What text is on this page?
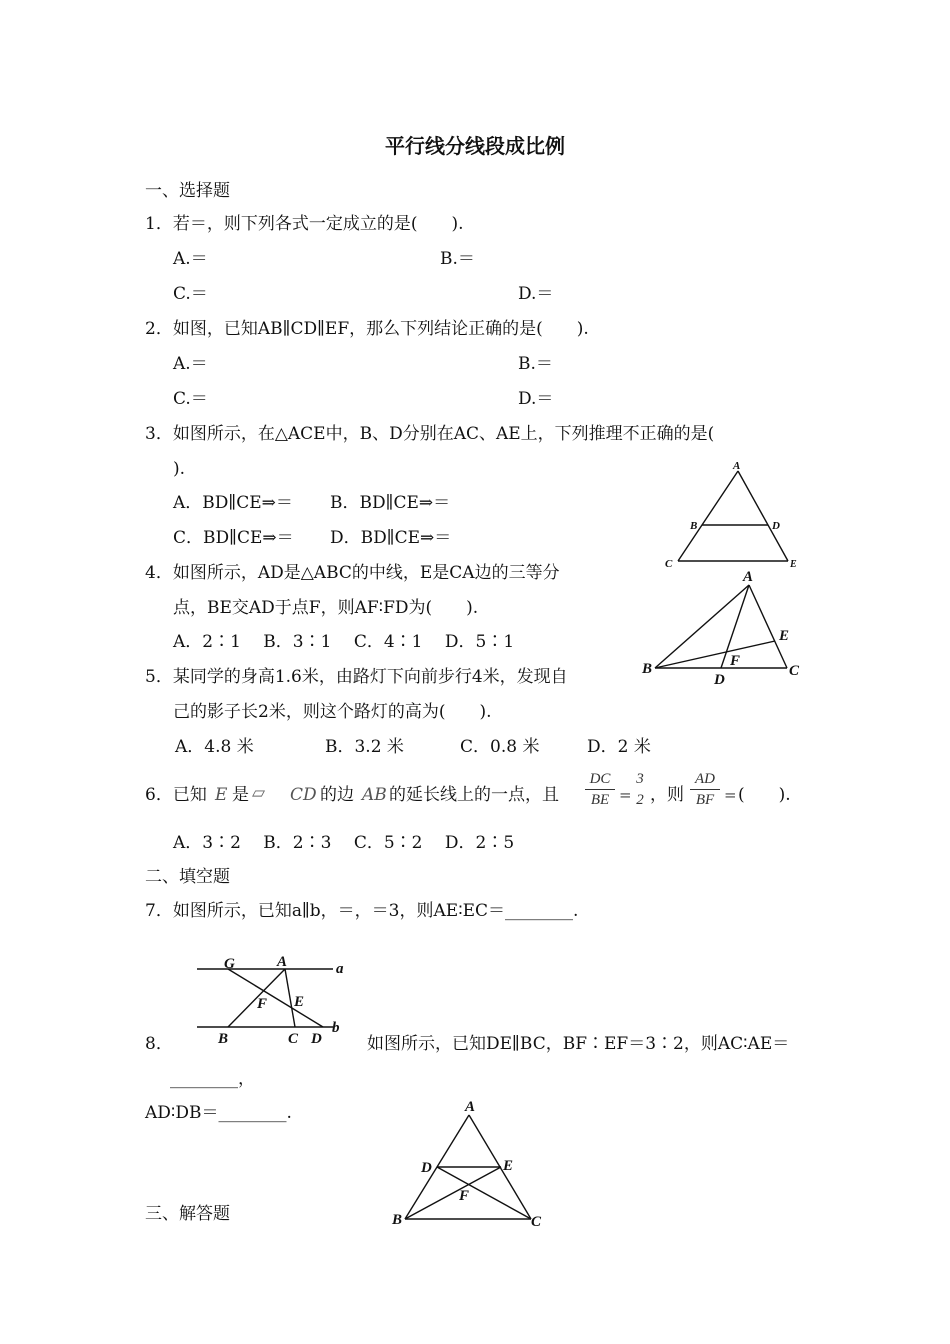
平行线分线段成比例
一、选择题
1．若＝，则下列各式一定成立的是(　　).
A.＝	B.＝
C.＝	D.＝
2．如图，已知AB∥CD∥EF，那么下列结论正确的是(　　).
A.＝	B.＝
C.＝	D.＝
3．如图所示，在△ACE中，B、D分别在AC、AE上，下列推理不正确的是(
).
A．BD∥CE⇒＝ B．BD∥CE⇒＝
C．BD∥CE⇒＝ D．BD∥CE⇒＝
A
B	D
C	E
4．如图所示，AD是△ABC的中线，E是CA边的三等分
点，BE交AD于点F，则AF∶FD为(　　).
A．2∶1　 B．3∶1　 C．4∶1　 D．5∶1
A
B	C
D
E
F
5．某同学的身高1.6米，由路灯下向前步行4米，发现自
己的影子长2米，则这个路灯的高为(　　).
A．4.8 米	B．3.2 米	C．0.8 米	D．2 米
6．已知 E 是 ▱ CD 的边 AB 的延长线上的一点，且
DC
BE =
3
2 ，则
AD
BF = (　　).
A．3∶2　 B．2∶3　 C．5∶2　 D．2∶5
二、填空题
7．如图所示，已知a∥b，＝，＝3，则AE∶EC＝________.
G	A	a
F E
B	C D
b
8．	如图所示，已知DE∥BC，BF∶EF＝3∶2，则AC∶AE＝
________，
AD∶DB＝________.	A
D	E
F
B	C
三、解答题
